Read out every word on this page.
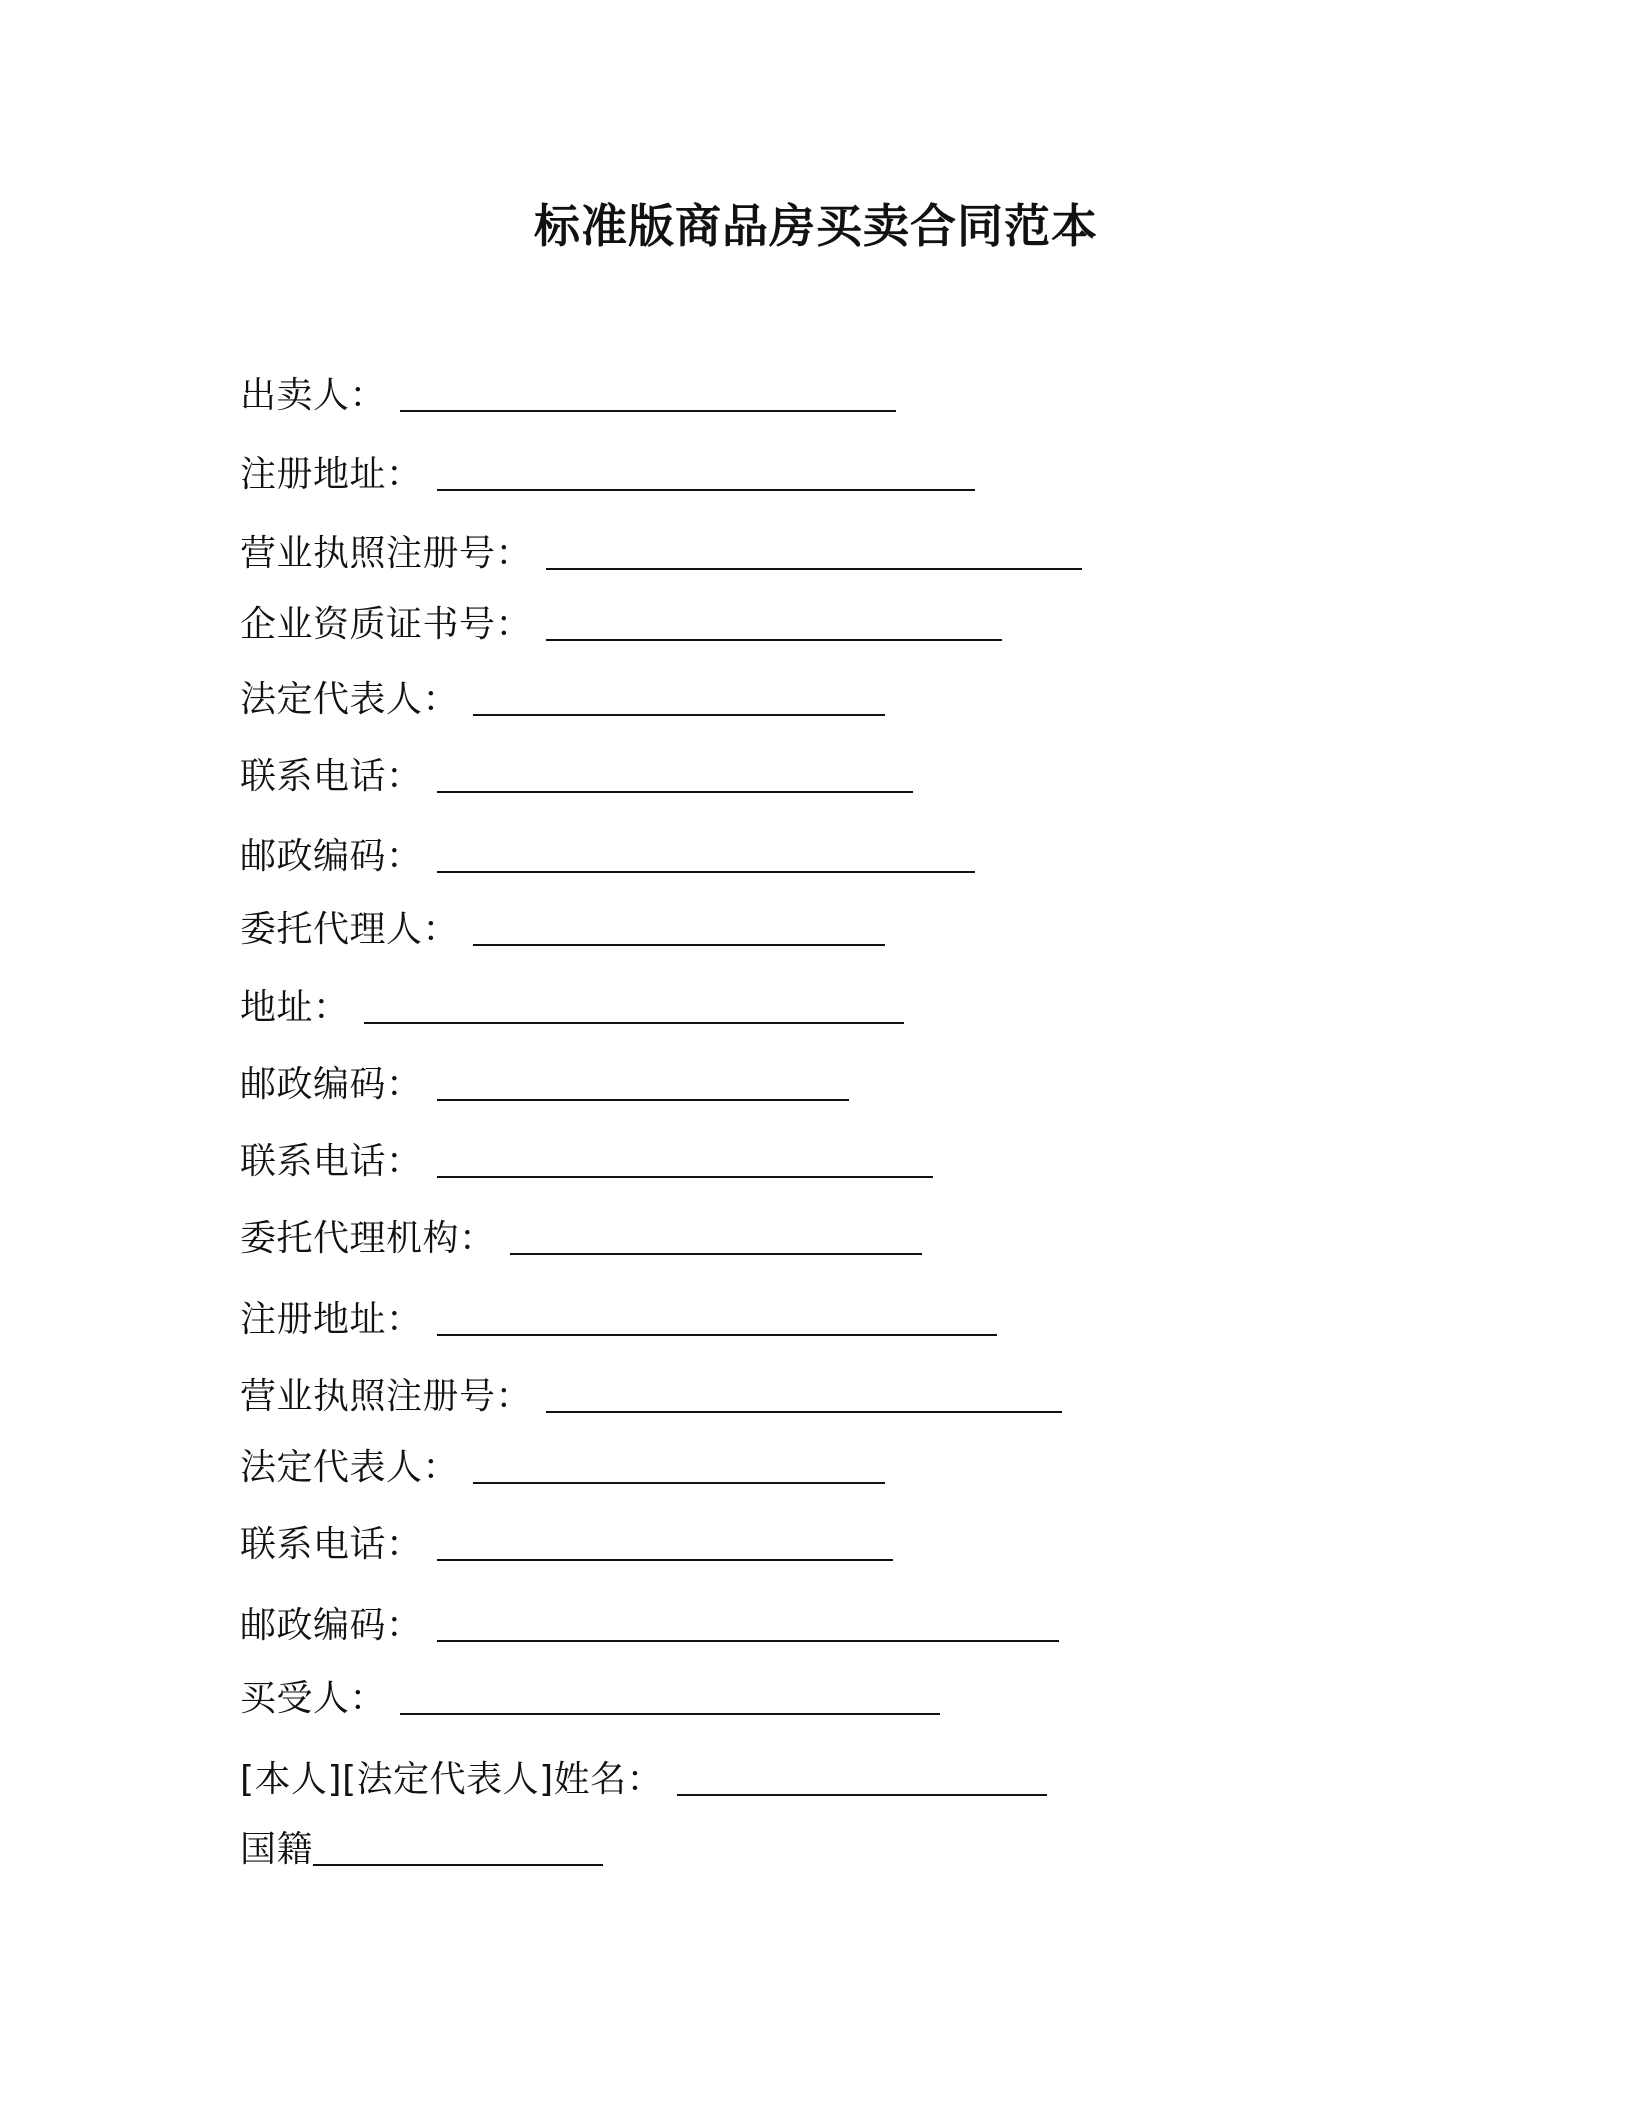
标准版商品房买卖合同范本
出卖人：
注册地址：
营业执照注册号：
企业资质证书号：
法定代表人：
联系电话：
邮政编码：
委托代理人：
地址：
邮政编码：
联系电话：
委托代理机构：
注册地址：
营业执照注册号：
法定代表人：
联系电话：
邮政编码：
买受人：
[本人][法定代表人]姓名：
国籍
